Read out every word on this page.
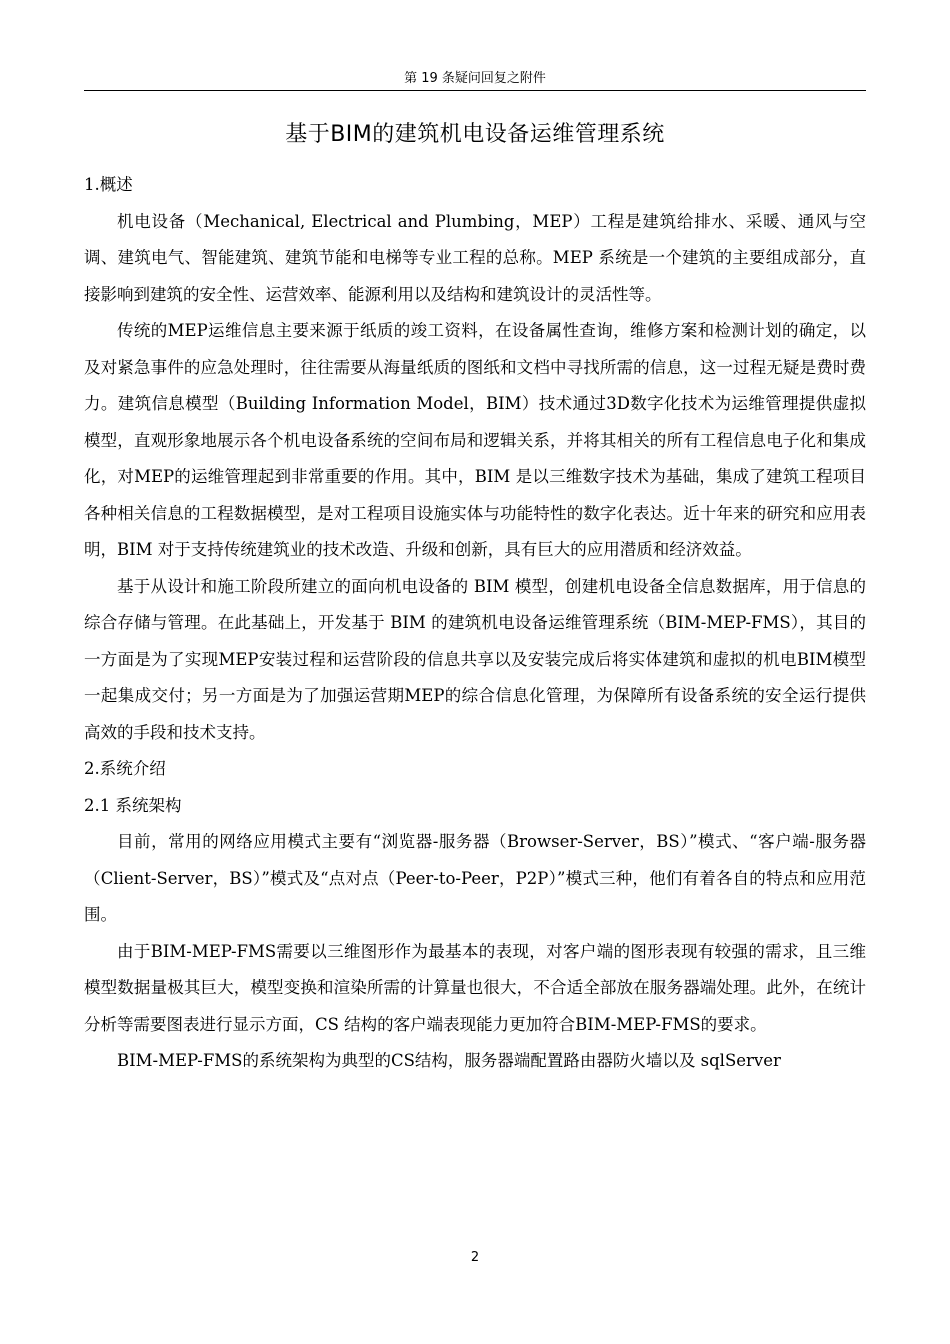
第 19 条疑问回复之附件
基于BIM的建筑机电设备运维管理系统

1.概述

机电设备（Mechanical, Electrical and Plumbing，MEP）工程是建筑给排水、采暖、通风与空调、建筑电气、智能建筑、建筑节能和电梯等专业工程的总称。MEP 系统是一个建筑的主要组成部分，直接影响到建筑的安全性、运营效率、能源利用以及结构和建筑设计的灵活性等。

传统的MEP运维信息主要来源于纸质的竣工资料，在设备属性查询，维修方案和检测计划的确定，以及对紧急事件的应急处理时，往往需要从海量纸质的图纸和文档中寻找所需的信息，这一过程无疑是费时费力。建筑信息模型（Building Information Model，BIM）技术通过3D数字化技术为运维管理提供虚拟模型，直观形象地展示各个机电设备系统的空间布局和逻辑关系，并将其相关的所有工程信息电子化和集成化，对MEP的运维管理起到非常重要的作用。其中，BIM 是以三维数字技术为基础，集成了建筑工程项目各种相关信息的工程数据模型，是对工程项目设施实体与功能特性的数字化表达。近十年来的研究和应用表明，BIM 对于支持传统建筑业的技术改造、升级和创新，具有巨大的应用潜质和经济效益。

基于从设计和施工阶段所建立的面向机电设备的 BIM 模型，创建机电设备全信息数据库，用于信息的综合存储与管理。在此基础上，开发基于 BIM 的建筑机电设备运维管理系统（BIM-MEP-FMS），其目的一方面是为了实现MEP安装过程和运营阶段的信息共享以及安装完成后将实体建筑和虚拟的机电BIM模型一起集成交付；另一方面是为了加强运营期MEP的综合信息化管理，为保障所有设备系统的安全运行提供高效的手段和技术支持。

2.系统介绍

2.1 系统架构

目前，常用的网络应用模式主要有“浏览器-服务器（Browser-Server，BS）”模式、“客户端-服务器（Client-Server，BS）”模式及“点对点（Peer-to-Peer，P2P）”模式三种，他们有着各自的特点和应用范围。

由于BIM-MEP-FMS需要以三维图形作为最基本的表现，对客户端的图形表现有较强的需求，且三维模型数据量极其巨大，模型变换和渲染所需的计算量也很大，不合适全部放在服务器端处理。此外，在统计分析等需要图表进行显示方面，CS 结构的客户端表现能力更加符合BIM-MEP-FMS的要求。

BIM-MEP-FMS的系统架构为典型的CS结构，服务器端配置路由器防火墙以及 sqlServer

2
